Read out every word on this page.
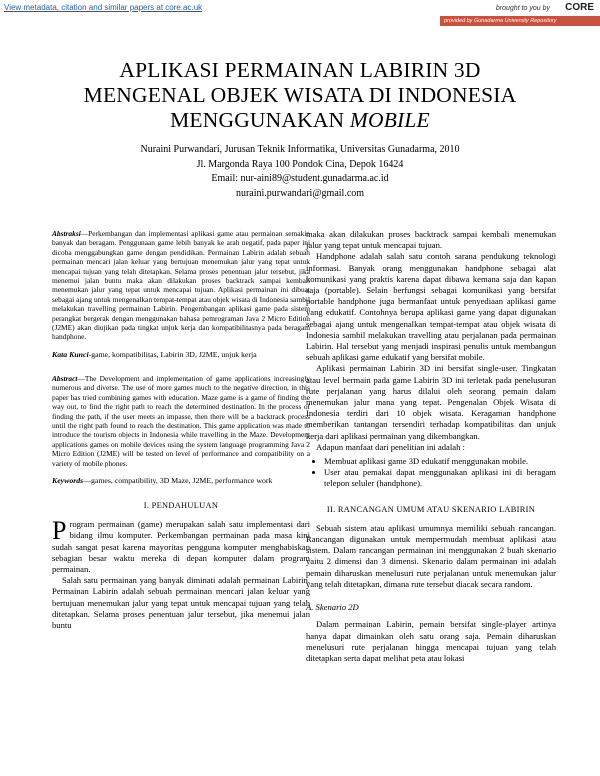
View metadata, citation and similar papers at core.ac.uk	brought to you by CORE
provided by Gunadarma University Repository
APLIKASI PERMAINAN LABIRIN 3D
MENGENAL OBJEK WISATA DI INDONESIA
MENGGUNAKAN MOBILE
Nuraini Purwandari, Jurusan Teknik Informatika, Universitas Gunadarma, 2010
Jl. Margonda Raya 100 Pondok Cina, Depok 16424
Email: nur-aini89@student.gunadarma.ac.id
nuraini.purwandari@gmail.com

Abstraksi—Perkembangan dan implementasi aplikasi game atau permainan semakin banyak dan beragam. Penggunaan game lebih banyak ke arah negatif, pada paper ini dicoba menggabungkan game dengan pendidikan. Permainan Labirin adalah sebuah permainan mencari jalan keluar yang bertujuan menemukan jalur yang tepat untuk mencapai tujuan yang telah ditetapkan. Selama proses penentuan jalur tersebut, jika menemui jalan buntu maka akan dilakukan proses backtrack sampai kembali menemukan jalur yang tepat untuk mencapai tujuan. Aplikasi permainan ini dibuat sebagai ajang untuk mengenalkan tempat-tempat atau objek wisata di Indonesia sambil melakukan travelling permainan Labirin. Pengembangan aplikasi game pada sistem perangkat bergerak dengan menggunakan bahasa pemrograman Java 2 Micro Edition (J2ME) akan diujikan pada tingkat unjuk kerja dan kompatibilitasnya pada beragam handphone.

Kata Kunci-game, kompatibilitas, Labirin 3D, J2ME, unjuk kerja

Abstract—The Development and implementation of game applications increasingly numerous and diverse. The use of more games much to the negative direction, in this paper has tried combining games with education. Maze game is a game of finding the way out, to find the right path to reach the determined destination. In the process of finding the path, if the user meets an impasse, then there will be a backtrack process until the right path found to reach the destination. This game application was made to introduce the tourism objects in Indonesia while travelling in the Maze. Development applications games on mobile devices using the system language programming Java 2 Micro Edition (J2ME) will be tested on level of performance and compatibility on a variety of mobile phones.

Keywords—games, compatibility, 3D Maze, J2ME, performance work

I. PENDAHULUAN

Program permainan (game) merupakan salah satu implementasi dari bidang ilmu komputer. Perkembangan permainan pada masa kini sudah sangat pesat karena mayoritas pengguna komputer menghabiskan sebagian besar waktu mereka di depan komputer dalam program permainan.

Salah satu permainan yang banyak diminati adalah permainan Labirin. Permainan Labirin adalah sebuah permainan mencari jalan keluar yang bertujuan menemukan jalur yang tepat untuk mencapai tujuan yang telah ditetapkan. Selama proses penentuan jalur tersebut, jika menemui jalan buntu

maka akan dilakukan proses backtrack sampai kembali menemukan jalur yang tepat untuk mencapai tujuan.

Handphone adalah salah satu contoh sarana pendukung teknologi informasi. Banyak orang menggunakan handphone sebagai alat komunikasi yang praktis karena dapat dibawa kemana saja dan kapan saja (portable). Selain berfungsi sebagai komunikasi yang bersifat portable handphone juga bermanfaat untuk penyediaan aplikasi game yang edukatif. Contohnya berupa aplikasi game yang dapat digunakan sebagai ajang untuk mengenalkan tempat-tempat atau objek wisata di Indonesia sambil melakukan travelling atau perjalanan pada permainan Labirin. Hal tersebut yang menjadi inspirasi penulis untuk membangun sebuah aplikasi game edukatif yang bersifat mobile.

Aplikasi permainan Labirin 3D ini bersifat single-user. Tingkatan atau level bermain pada game Labirin 3D ini terletak pada penelusuran rute perjalanan yang harus dilalui oleh seorang pemain dalam menemukan jalur mana yang tepat. Pengenalan Objek Wisata di Indonesia terdiri dari 10 objek wisata. Keragaman handphone memberikan tantangan tersendiri terhadap kompatibilitas dan unjuk kerja dari aplikasi permainan yang dikembangkan.

Adapun manfaat dari penelitian ini adalah :

• Membuat aplikasi game 3D edukatif menggunakan mobile.
• User atau pemakai dapat menggunakan aplikasi ini di beragam telepon seluler (handphone).
II. RANCANGAN UMUM ATAU SKENARIO LABIRIN

Sebuah sistem atau aplikasi umumnya memiliki sebuah rancangan. Rancangan digunakan untuk mempermudah membuat aplikasi atau sistem. Dalam rancangan permainan ini menggunakan 2 buah skenario yaitu 2 dimensi dan 3 dimensi. Skenario dalam permainan ini adalah pemain diharuskan menelusuri rute perjalanan untuk menemukan jalur yang telah ditetapkan, dimana rute tersebut diacak secara random.

A. Skenario 2D

Dalam permainan Labirin, pemain bersifat single-player artinya hanya dapat dimainkan oleh satu orang saja. Pemain diharuskan menelusuri rute perjalanan hingga mencapai tujuan yang telah ditetapkan serta dapat melihat peta atau lokasi
